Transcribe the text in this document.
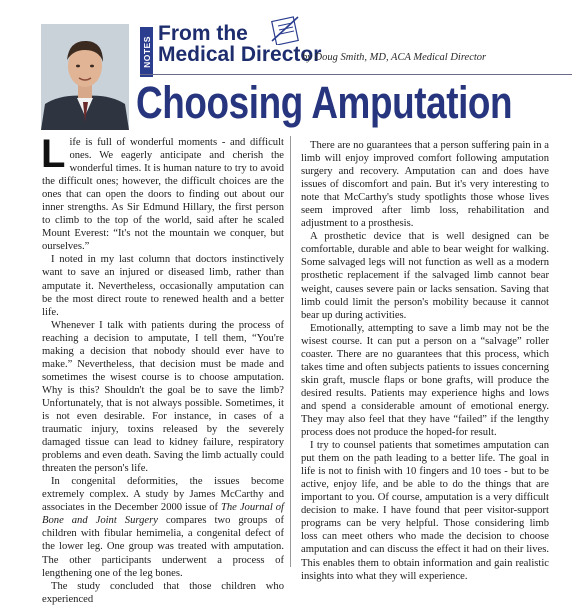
NOTES
From the
Medical Director
by Doug Smith, MD, ACA Medical Director
Choosing Amputation

Life is full of wonderful moments - and difficult ones. We eagerly anticipate and cherish the wonderful times. It is human nature to try to avoid the difficult ones; however, the difficult choices are the ones that can open the doors to finding out about our inner strengths. As Sir Edmund Hillary, the first person to climb to the top of the world, said after he scaled Mount Everest: “It's not the mountain we conquer, but ourselves.”

I noted in my last column that doctors instinctively want to save an injured or diseased limb, rather than amputate it. Nevertheless, occasionally amputation can be the most direct route to renewed health and a better life.

Whenever I talk with patients during the process of reaching a decision to amputate, I tell them, “You're making a decision that nobody should ever have to make.” Nevertheless, that decision must be made and sometimes the wisest course is to choose amputation. Why is this? Shouldn't the goal be to save the limb? Unfortunately, that is not always possible. Sometimes, it is not even desirable. For instance, in cases of a traumatic injury, toxins released by the severely damaged tissue can lead to kidney failure, respiratory problems and even death. Saving the limb actually could threaten the person's life.

In congenital deformities, the issues become extremely complex. A study by James McCarthy and associates in the December 2000 issue of The Journal of Bone and Joint Surgery compares two groups of children with fibular hemimelia, a congenital defect of the lower leg. One group was treated with amputation. The other participants underwent a process of lengthening one of the leg bones.

The study concluded that those children who experienced

There are no guarantees that a person suffering pain in a limb will enjoy improved comfort following amputation surgery and recovery. Amputation can and does have issues of discomfort and pain. But it's very interesting to note that McCarthy's study spotlights those whose lives seem improved after limb loss, rehabilitation and adjustment to a prosthesis.

A prosthetic device that is well designed can be comfortable, durable and able to bear weight for walking. Some salvaged legs will not function as well as a modern prosthetic replacement if the salvaged limb cannot bear weight, causes severe pain or lacks sensation. Saving that limb could limit the person's mobility because it cannot bear up during activities.

Emotionally, attempting to save a limb may not be the wisest course. It can put a person on a “salvage” roller coaster. There are no guarantees that this process, which takes time and often subjects patients to issues concerning skin graft, muscle flaps or bone grafts, will produce the desired results. Patients may experience highs and lows and spend a considerable amount of emotional energy. They may also feel that they have “failed” if the lengthy process does not produce the hoped-for result.

I try to counsel patients that sometimes amputation can put them on the path leading to a better life. The goal in life is not to finish with 10 fingers and 10 toes - but to be active, enjoy life, and be able to do the things that are important to you. Of course, amputation is a very difficult decision to make. I have found that peer visitor-support programs can be very helpful. Those considering limb loss can meet others who made the decision to choose amputation and can discuss the effect it had on their lives. This enables them to obtain information and gain realistic insights into what they will experience.
